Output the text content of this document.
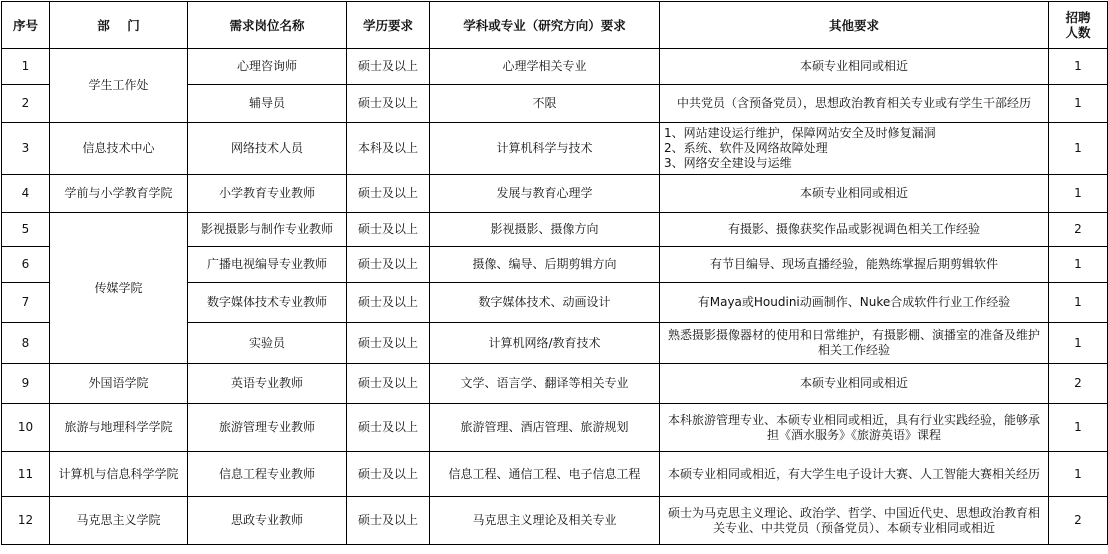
序号	部    门	需求岗位名称	学历要求	学科或专业（研究方向）要求	其他要求	招聘人数
1	学生工作处	心理咨询师	硕士及以上	心理学相关专业	本硕专业相同或相近	1
2		辅导员	硕士及以上	不限	中共党员（含预备党员），思想政治教育相关专业或有学生干部经历	1
3	信息技术中心	网络技术人员	本科及以上	计算机科学与技术	1、网站建设运行维护，保障网站安全及时修复漏洞
2、系统、软件及网络故障处理
3、网络安全建设与运维	1
4	学前与小学教育学院	小学教育专业教师	硕士及以上	发展与教育心理学	本硕专业相同或相近	1
5	传媒学院	影视摄影与制作专业教师	硕士及以上	影视摄影、摄像方向	有摄影、摄像获奖作品或影视调色相关工作经验	2
6		广播电视编导专业教师	硕士及以上	摄像、编导、后期剪辑方向	有节目编导、现场直播经验，能熟练掌握后期剪辑软件	1
7		数字媒体技术专业教师	硕士及以上	数字媒体技术、动画设计	有Maya或Houdini动画制作、Nuke合成软件行业工作经验	1
8		实验员	硕士及以上	计算机网络/教育技术	熟悉摄影摄像器材的使用和日常维护，有摄影棚、演播室的准备及维护相关工作经验	1
9	外国语学院	英语专业教师	硕士及以上	文学、语言学、翻译等相关专业	本硕专业相同或相近	2
10	旅游与地理科学学院	旅游管理专业教师	硕士及以上	旅游管理、酒店管理、旅游规划	本科旅游管理专业、本硕专业相同或相近，具有行业实践经验，能够承担《酒水服务》《旅游英语》课程	1
11	计算机与信息科学学院	信息工程专业教师	硕士及以上	信息工程、通信工程、电子信息工程	本硕专业相同或相近，有大学生电子设计大赛、人工智能大赛相关经历	1
12	马克思主义学院	思政专业教师	硕士及以上	马克思主义理论及相关专业	硕士为马克思主义理论、政治学、哲学、中国近代史、思想政治教育相关专业、中共党员（预备党员）、本硕专业相同或相近	2
